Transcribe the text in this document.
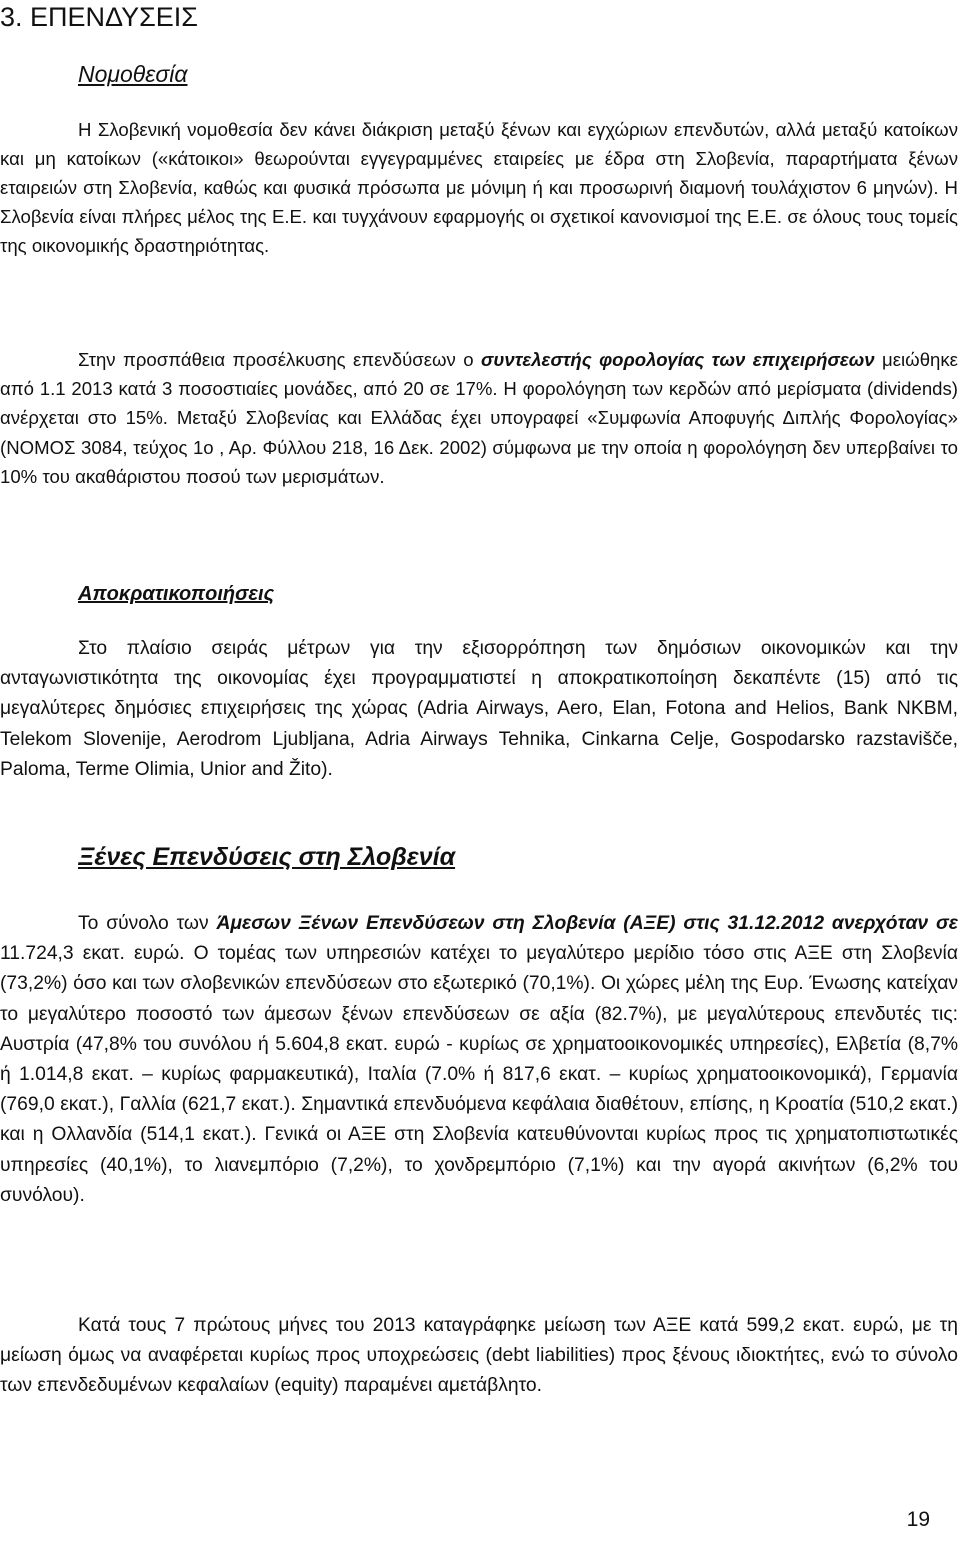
3. ΕΠΕΝΔΥΣΕΙΣ
Νομοθεσία

Η Σλοβενική νομοθεσία δεν κάνει διάκριση μεταξύ ξένων και εγχώριων επενδυτών, αλλά μεταξύ κατοίκων και μη κατοίκων («κάτοικοι» θεωρούνται εγγεγραμμένες εταιρείες με έδρα στη Σλοβενία, παραρτήματα ξένων εταιρειών στη Σλοβενία, καθώς και φυσικά πρόσωπα με μόνιμη ή και προσωρινή διαμονή τουλάχιστον 6 μηνών). Η Σλοβενία είναι πλήρες μέλος της Ε.Ε. και τυγχάνουν εφαρμογής οι σχετικοί κανονισμοί της Ε.Ε. σε όλους τους τομείς της οικονομικής δραστηριότητας.

Στην προσπάθεια προσέλκυσης επενδύσεων ο συντελεστής φορολογίας των επιχειρήσεων μειώθηκε από 1.1 2013 κατά 3 ποσοστιαίες μονάδες, από 20 σε 17%. Η φορολόγηση των κερδών από μερίσματα (dividends) ανέρχεται στο 15%. Μεταξύ Σλοβενίας και Ελλάδας έχει υπογραφεί «Συμφωνία Αποφυγής Διπλής Φορολογίας» (ΝΟΜΟΣ 3084, τεύχος 1ο , Αρ. Φύλλου 218, 16 Δεκ. 2002) σύμφωνα με την οποία η φορολόγηση δεν υπερβαίνει το 10% του ακαθάριστου ποσού των μερισμάτων.

Αποκρατικοποιήσεις

Στο πλαίσιο σειράς μέτρων για την εξισορρόπηση των δημόσιων οικονομικών και την ανταγωνιστικότητα της οικονομίας έχει προγραμματιστεί η αποκρατικοποίηση δεκαπέντε (15) από τις μεγαλύτερες δημόσιες επιχειρήσεις της χώρας (Adria Airways, Aero, Elan, Fotona and Helios, Bank NKBM, Telekom Slovenije, Aerodrom Ljubljana, Adria Airways Tehnika, Cinkarna Celje, Gospodarsko razstavišče, Paloma, Terme Olimia, Unior and Žito).

Ξένες Επενδύσεις στη Σλοβενία

Το σύνολο των Άμεσων Ξένων Επενδύσεων στη Σλοβενία (ΑΞΕ) στις 31.12.2012 ανερχόταν σε 11.724,3 εκατ. ευρώ. Ο τομέας των υπηρεσιών κατέχει το μεγαλύτερο μερίδιο τόσο στις ΑΞΕ στη Σλοβενία (73,2%) όσο και των σλοβενικών επενδύσεων στο εξωτερικό (70,1%). Οι χώρες μέλη της Ευρ. Ένωσης κατείχαν το μεγαλύτερο ποσοστό των άμεσων ξένων επενδύσεων σε αξία (82.7%), με μεγαλύτερους επενδυτές τις: Αυστρία (47,8% του συνόλου ή 5.604,8 εκατ. ευρώ - κυρίως σε χρηματοοικονομικές υπηρεσίες), Ελβετία (8,7% ή 1.014,8 εκατ. – κυρίως φαρμακευτικά), Ιταλία (7.0% ή 817,6 εκατ. – κυρίως χρηματοοικονομικά), Γερμανία (769,0 εκατ.), Γαλλία (621,7 εκατ.). Σημαντικά επενδυόμενα κεφάλαια διαθέτουν, επίσης, η Κροατία (510,2 εκατ.) και η Ολλανδία (514,1 εκατ.). Γενικά οι ΑΞΕ στη Σλοβενία κατευθύνονται κυρίως προς τις χρηματοπιστωτικές υπηρεσίες (40,1%), το λιανεμπόριο (7,2%), το χονδρεμπόριο (7,1%) και την αγορά ακινήτων (6,2% του συνόλου).

Κατά τους 7 πρώτους μήνες του 2013 καταγράφηκε μείωση των ΑΞΕ κατά 599,2 εκατ. ευρώ, με τη μείωση όμως να αναφέρεται κυρίως προς υποχρεώσεις (debt liabilities) προς ξένους ιδιοκτήτες, ενώ το σύνολο των επενδεδυμένων κεφαλαίων (equity) παραμένει αμετάβλητο.

19
